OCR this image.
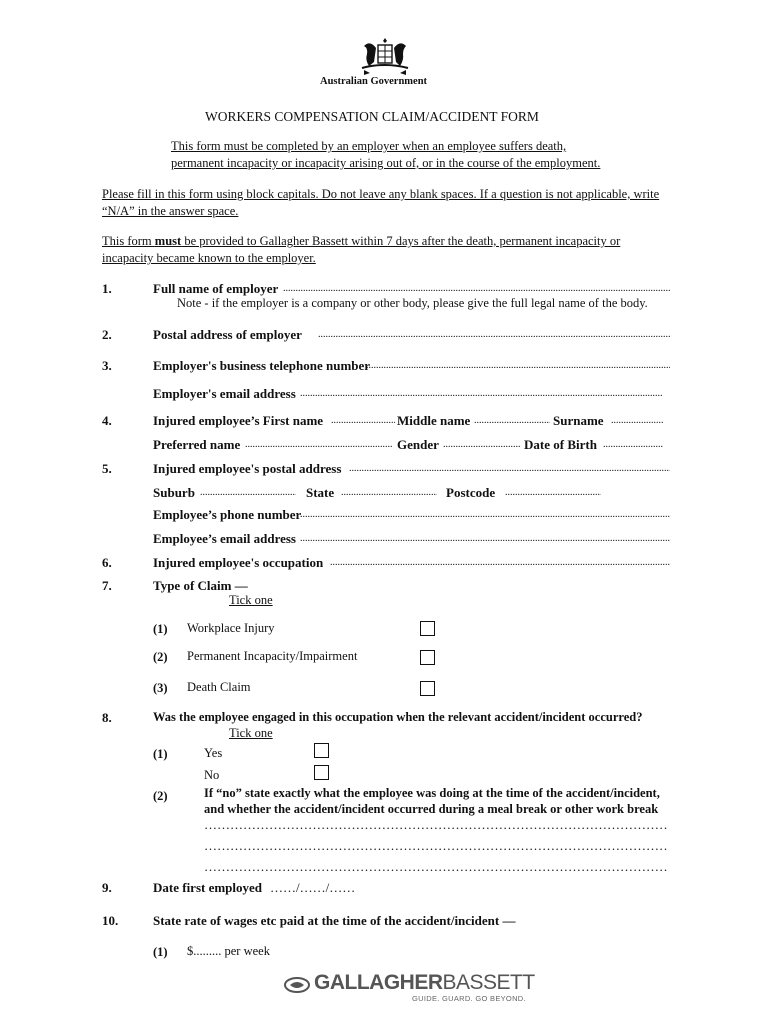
Australian Government
WORKERS COMPENSATION CLAIM/ACCIDENT FORM
This form must be completed by an employer when an employee suffers death,
permanent incapacity or incapacity arising out of, or in the course of the employment.
Please fill in this form using block capitals. Do not leave any blank spaces. If a question is not applicable, write
“N/A” in the answer space.
This form must be provided to Gallagher Bassett within 7 days after the death, permanent incapacity or
incapacity became known to the employer.
1.	Full name of employer
.....
Note - if the employer is a company or other body, please give the full legal name of the body.
2.	Postal address of employer
.....
3.	Employer's business telephone number
.....
Employer's email address
.....
4.	Injured employee’s First name .....	Middle name .....	Surname
.....
Preferred name .....	Gender .....	Date of Birth
.....
5.	Injured employee's postal address
.....
Suburb .....	State .....	Postcode
.....
Employee’s phone number
.....
Employee’s email address
.....
6.	Injured employee's occupation
.....
7.	Type of Claim —
Tick one
(1) Workplace Injury
(2) Permanent Incapacity/Impairment
(3) Death Claim
8.	Was the employee engaged in this occupation when the relevant accident/incident occurred?
Tick one
(1)	Yes
No
(2)	If “no” state exactly what the employee was doing at the time of the accident/incident,
and whether the accident/incident occurred during a meal break or other work break
………………………………………………………………………………………………………………………………………………………………………………………………
………………………………………………………………………………………………………………………………………………………………………………………………
………………………………………………………………………………………………………………………………………………………………………………………………
9.	Date first employed ……/……/……
10.	State rate of wages etc paid at the time of the accident/incident —
(1) $......... per week
GALLAGHERBASSETT
GUIDE. GUARD. GO BEYOND.
